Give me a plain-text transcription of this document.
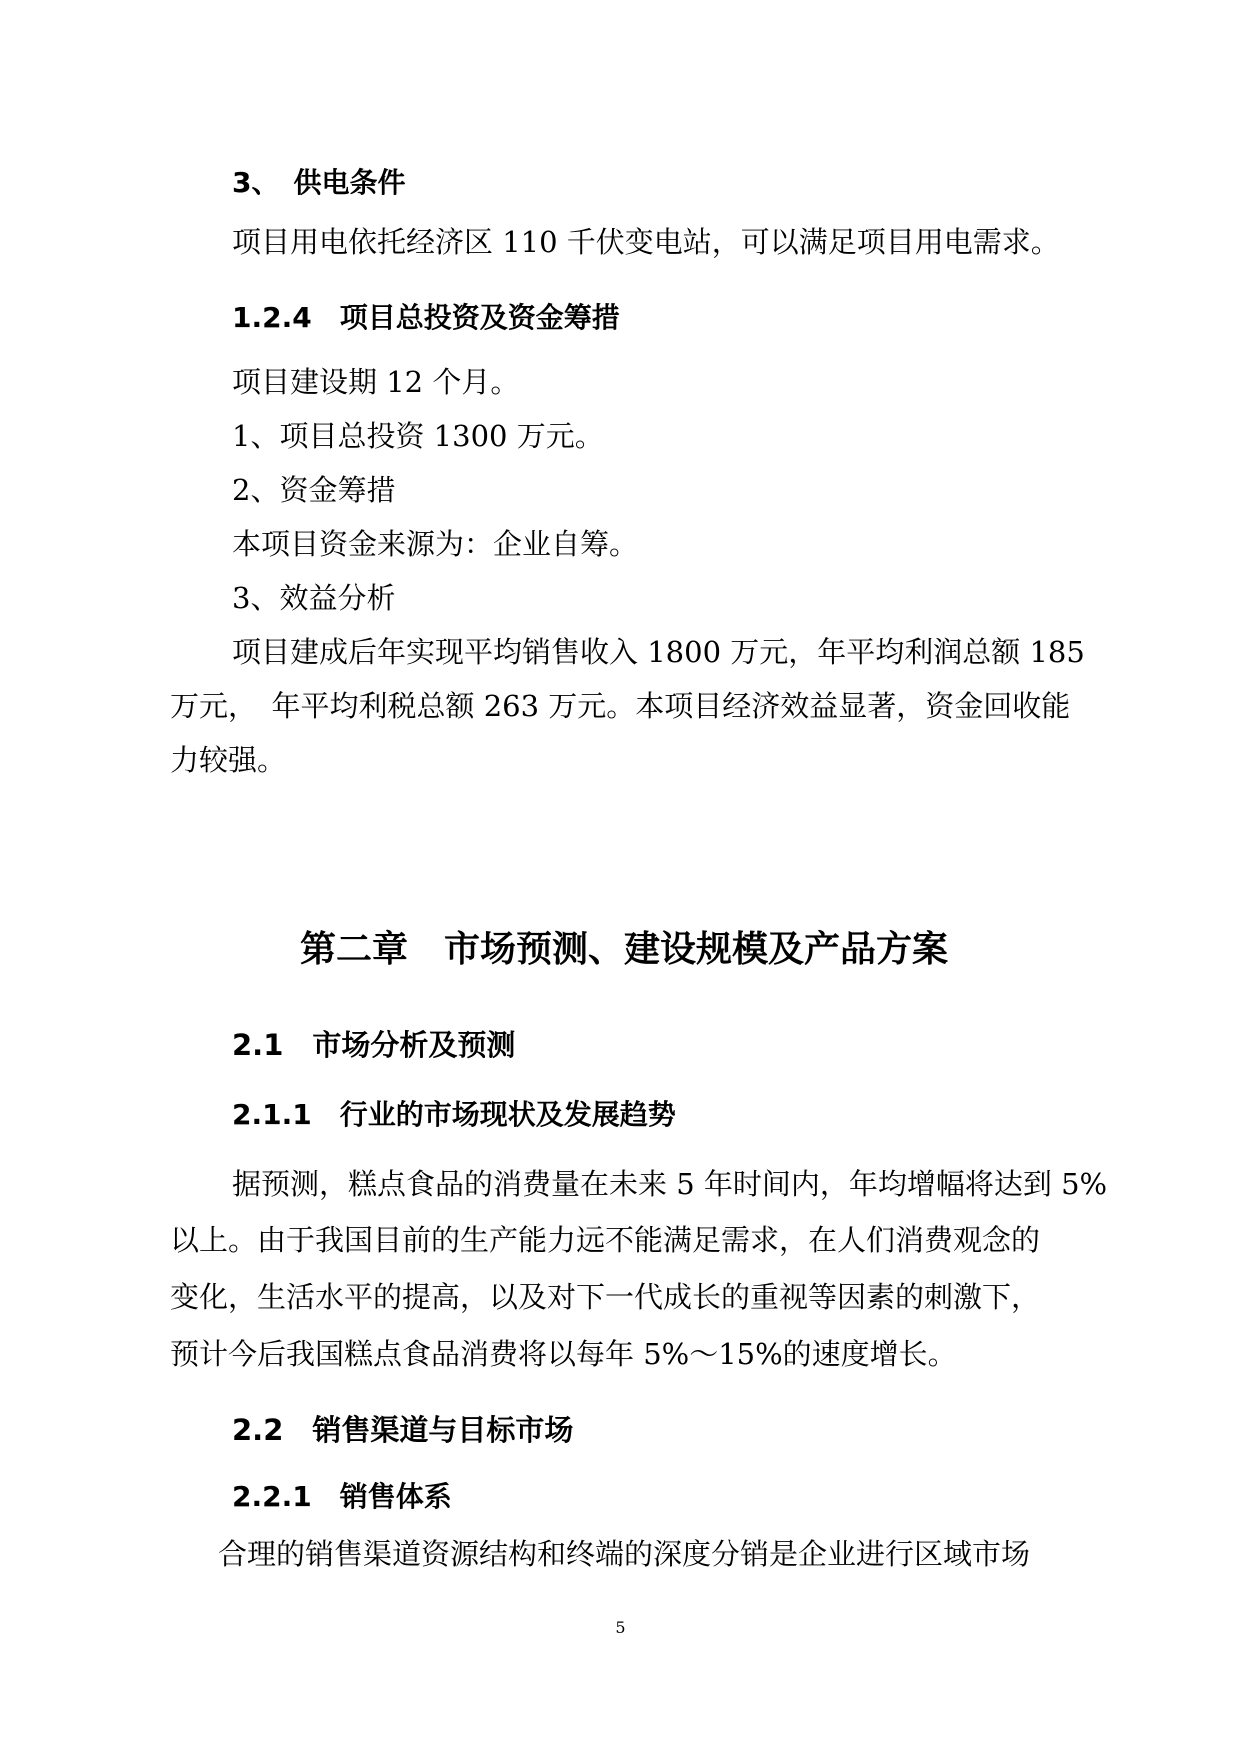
3、　供电条件
项目用电依托经济区 110 千伏变电站，可以满足项目用电需求。
1.2.4　项目总投资及资金筹措
项目建设期 12 个月。
1、项目总投资 1300 万元。
2、资金筹措
本项目资金来源为：企业自筹。
3、效益分析
项目建成后年实现平均销售收入 1800 万元，年平均利润总额 185
万元，　年平均利税总额 263 万元。本项目经济效益显著，资金回收能
力较强。
第二章　市场预测、建设规模及产品方案
2.1　市场分析及预测
2.1.1　行业的市场现状及发展趋势
据预测，糕点食品的消费量在未来 5 年时间内，年均增幅将达到 5%
以上。由于我国目前的生产能力远不能满足需求，在人们消费观念的
变化，生活水平的提高，以及对下一代成长的重视等因素的刺激下，
预计今后我国糕点食品消费将以每年 5%～15%的速度增长。
2.2　销售渠道与目标市场
2.2.1　销售体系
合理的销售渠道资源结构和终端的深度分销是企业进行区域市场
5
